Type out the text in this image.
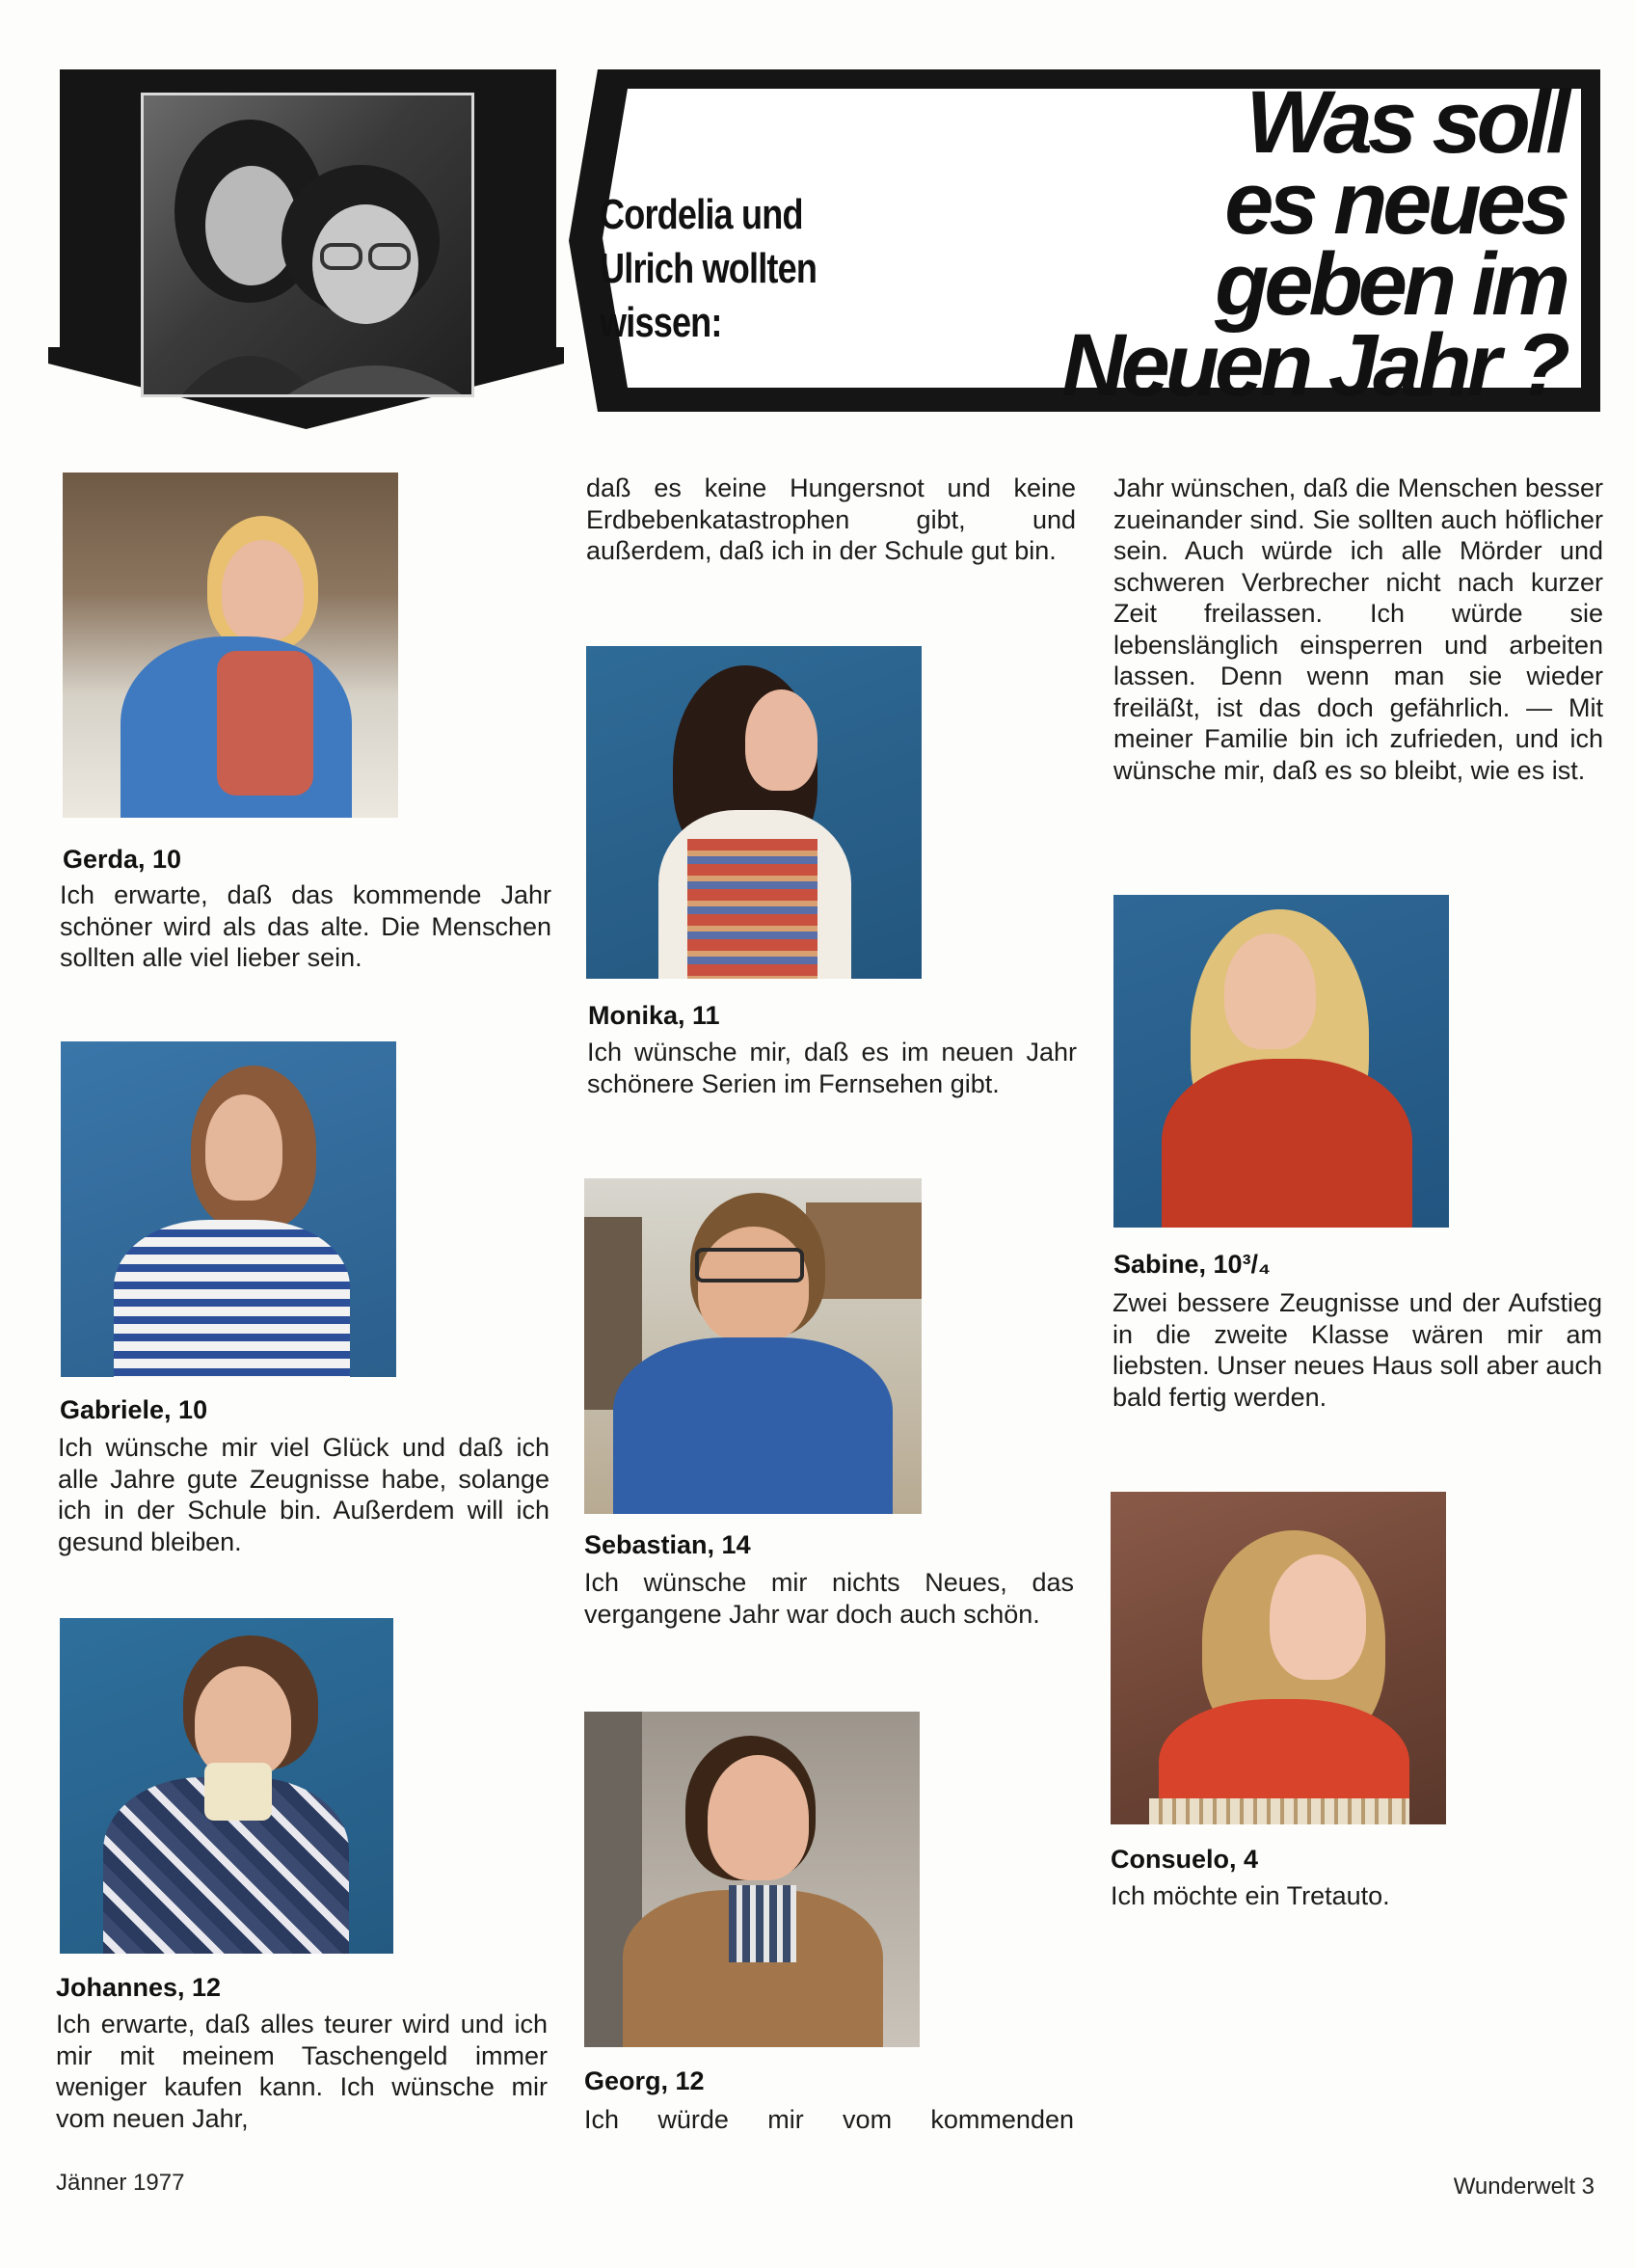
Cordelia und Ulrich wollten wissen:
Was soll
es neues
geben im
Neuen Jahr ?
Gerda, 10
Ich erwarte, daß das kommende Jahr schöner wird als das alte. Die Menschen sollten alle viel lieber sein.
Gabriele, 10
Ich wünsche mir viel Glück und daß ich alle Jahre gute Zeugnisse habe, solange ich in der Schule bin. Außerdem will ich gesund bleiben.
Johannes, 12
Ich erwarte, daß alles teurer wird und ich mir mit meinem Taschengeld immer weniger kaufen kann. Ich wünsche mir vom neuen Jahr,
daß es keine Hungersnot und keine Erdbebenkatastrophen gibt, und außerdem, daß ich in der Schule gut bin.
Monika, 11
Ich wünsche mir, daß es im neuen Jahr schönere Serien im Fernsehen gibt.
Sebastian, 14
Ich wünsche mir nichts Neues, das vergangene Jahr war doch auch schön.
Georg, 12
Ich würde mir vom kommenden
Jahr wünschen, daß die Menschen besser zueinander sind. Sie sollten auch höflicher sein. Auch würde ich alle Mörder und schweren Verbrecher nicht nach kurzer Zeit freilassen. Ich würde sie lebenslänglich einsperren und arbeiten lassen. Denn wenn man sie wieder freiläßt, ist das doch gefährlich. — Mit meiner Familie bin ich zufrieden, und ich wünsche mir, daß es so bleibt, wie es ist.
Sabine, 10³/₄
Zwei bessere Zeugnisse und der Aufstieg in die zweite Klasse wären mir am liebsten. Unser neues Haus soll aber auch bald fertig werden.
Consuelo, 4
Ich möchte ein Tretauto.
Jänner 1977	Wunderwelt 3
